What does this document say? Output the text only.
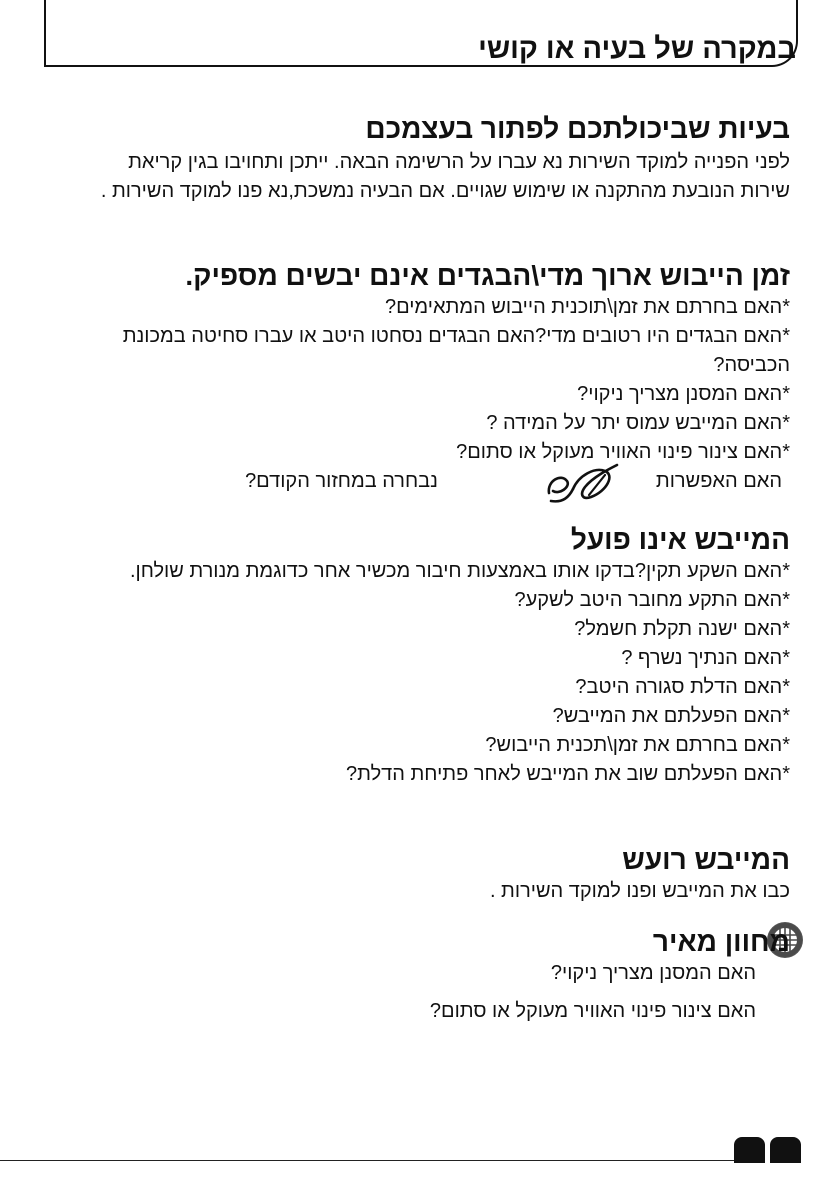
במקרה של בעיה או קושי
בעיות שביכולתכם לפתור בעצמכם

לפני הפנייה למוקד השירות נא עברו על הרשימה הבאה. ייתכן ותחויבו בגין קריאת שירות הנובעת מהתקנה או שימוש שגויים. אם הבעיה נמשכת,נא פנו למוקד השירות .

זמן הייבוש ארוך מדי\הבגדים אינם יבשים מספיק.
*האם בחרתם את זמן\תוכנית הייבוש המתאימים?
*האם הבגדים היו רטובים מדי?האם הבגדים נסחטו היטב או עברו סחיטה במכונת הכביסה?
*האם המסנן מצריך ניקוי?
*האם המייבש עמוס יתר על המידה ?
*האם צינור פינוי האוויר מעוקל או סתום?
האם האפשרות
נבחרה במחזור הקודם?
המייבש אינו פועל
*האם השקע תקין?בדקו אותו באמצעות חיבור מכשיר אחר כדוגמת מנורת שולחן.
*האם התקע מחובר היטב לשקע?
*האם ישנה תקלת חשמל?
*האם הנתיך נשרף ?
*האם הדלת סגורה היטב?
*האם הפעלתם את המייבש?
*האם בחרתם את זמן\תכנית הייבוש?
*האם הפעלתם שוב את המייבש לאחר פתיחת הדלת?
המייבש רועש
כבו את המייבש ופנו למוקד השירות .
מחוון מאיר
האם המסנן מצריך ניקוי?
האם צינור פינוי האוויר מעוקל או סתום?
